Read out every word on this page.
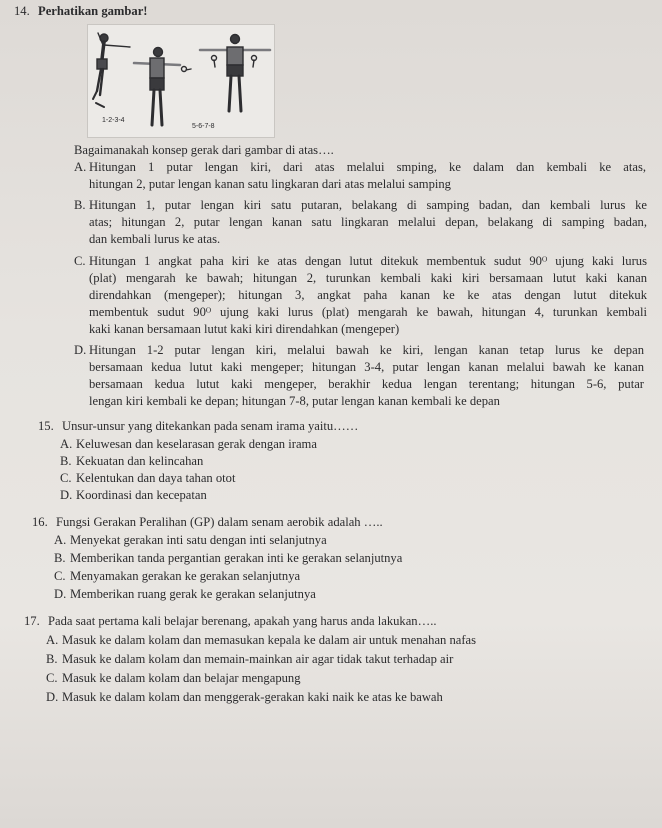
14. Perhatikan gambar!
1-2-3-4
5-6-7-8
Bagaimanakah konsep gerak dari gambar di atas….
A. Hitungan 1 putar lengan kiri, dari atas melalui smping, ke dalam dan kembali ke atas,
hitungan 2, putar lengan kanan satu lingkaran dari atas melalui samping
B. Hitungan 1, putar lengan kiri satu putaran, belakang di samping badan, dan kembali lurus ke
atas; hitungan 2, putar lengan kanan satu lingkaran melalui depan, belakang di samping badan,
dan kembali lurus ke atas.
C. Hitungan 1 angkat paha kiri ke atas dengan lutut ditekuk membentuk sudut 90ᴼ ujung kaki lurus
(plat) mengarah ke bawah; hitungan 2, turunkan kembali kaki kiri bersamaan lutut kaki kanan
direndahkan (mengeper); hitungan 3, angkat paha kanan ke ke atas dengan lutut ditekuk
membentuk sudut 90ᴼ ujung kaki lurus (plat) mengarah ke bawah, hitungan 4, turunkan kembali
kaki kanan bersamaan lutut kaki kiri direndahkan (mengeper)
D. Hitungan 1-2 putar lengan kiri, melalui bawah ke kiri, lengan kanan tetap lurus ke depan
bersamaan kedua lutut kaki mengeper; hitungan 3-4, putar lengan kanan melalui bawah ke kanan
bersamaan kedua lutut kaki mengeper, berakhir kedua lengan terentang; hitungan 5-6, putar
lengan kiri kembali ke depan; hitungan 7-8, putar lengan kanan kembali ke depan
15. Unsur-unsur yang ditekankan pada senam irama yaitu……
A. Keluwesan dan keselarasan gerak dengan irama
B. Kekuatan dan kelincahan
C. Kelentukan dan daya tahan otot
D. Koordinasi dan kecepatan
16. Fungsi Gerakan Peralihan (GP) dalam senam aerobik adalah …..
A. Menyekat gerakan inti satu dengan inti selanjutnya
B. Memberikan tanda pergantian gerakan inti ke gerakan selanjutnya
C. Menyamakan gerakan ke gerakan selanjutnya
D. Memberikan ruang gerak ke gerakan selanjutnya
17. Pada saat pertama kali belajar berenang, apakah yang harus anda lakukan…..
A. Masuk ke dalam kolam dan memasukan kepala ke dalam air untuk menahan nafas
B. Masuk ke dalam kolam dan memain-mainkan air agar tidak takut terhadap air
C. Masuk ke dalam kolam dan belajar mengapung
D. Masuk ke dalam kolam dan menggerak-gerakan kaki naik ke atas ke bawah
